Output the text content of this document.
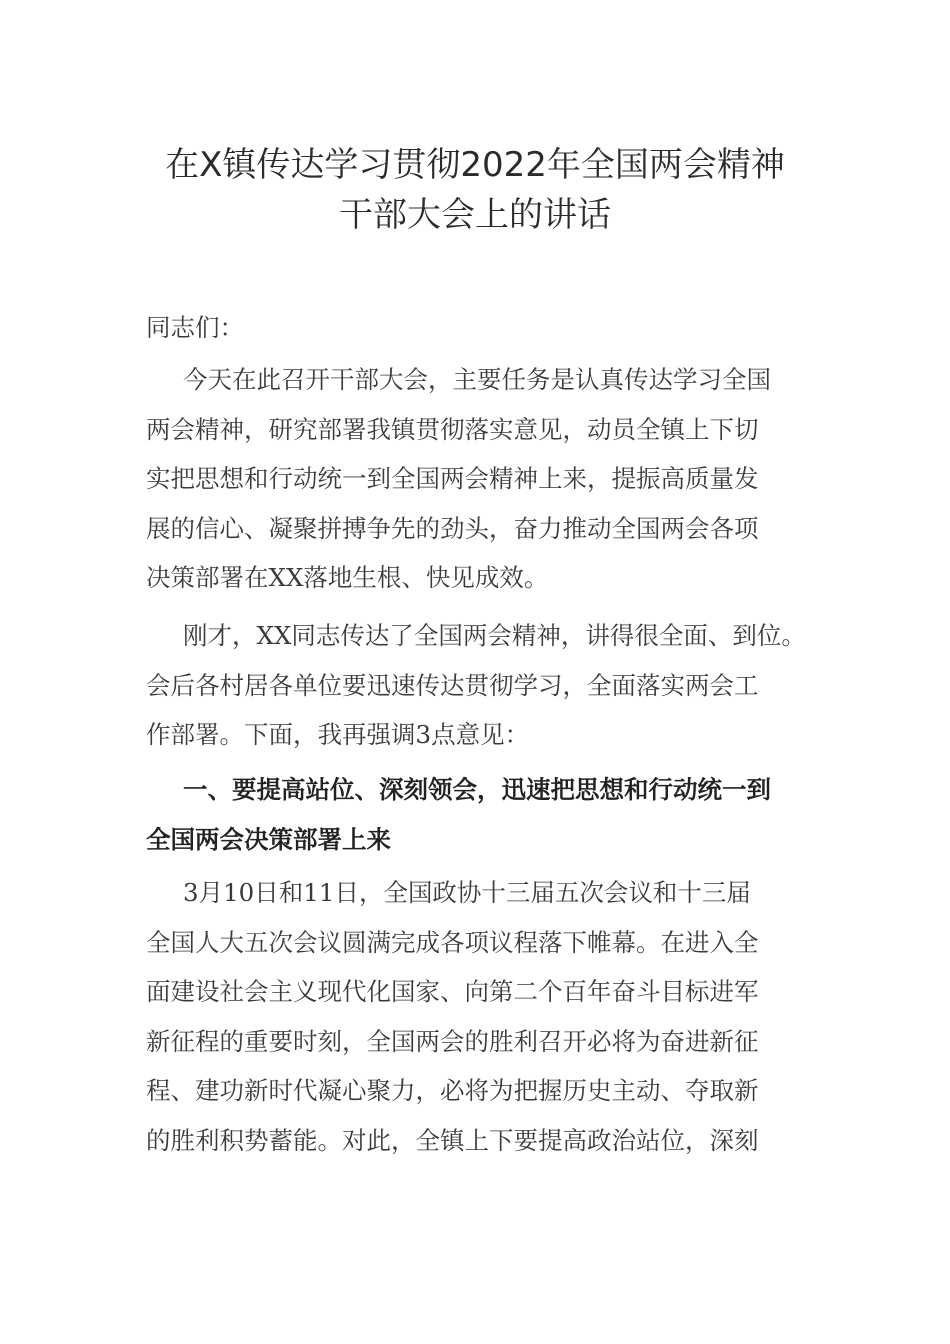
在X镇传达学习贯彻2022年全国两会精神
干部大会上的讲话

同志们：

今天在此召开干部大会，主要任务是认真传达学习全国
两会精神，研究部署我镇贯彻落实意见，动员全镇上下切
实把思想和行动统一到全国两会精神上来，提振高质量发
展的信心、凝聚拼搏争先的劲头，奋力推动全国两会各项
决策部署在XX落地生根、快见成效。
刚才，XX同志传达了全国两会精神，讲得很全面、到位。
会后各村居各单位要迅速传达贯彻学习，全面落实两会工
作部署。下面，我再强调3点意见：
一、要提高站位、深刻领会，迅速把思想和行动统一到
全国两会决策部署上来
3月10日和11日，全国政协十三届五次会议和十三届
全国人大五次会议圆满完成各项议程落下帷幕。在进入全
面建设社会主义现代化国家、向第二个百年奋斗目标进军
新征程的重要时刻，全国两会的胜利召开必将为奋进新征
程、建功新时代凝心聚力，必将为把握历史主动、夺取新
的胜利积势蓄能。对此，全镇上下要提高政治站位，深刻
